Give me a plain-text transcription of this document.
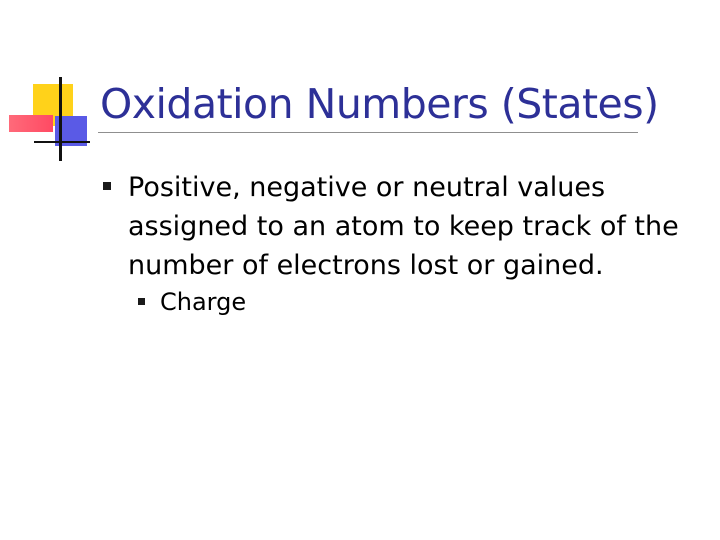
Oxidation Numbers (States)
Positive, negative or neutral values assigned to an atom to keep track of the number of electrons lost or gained.
Charge
